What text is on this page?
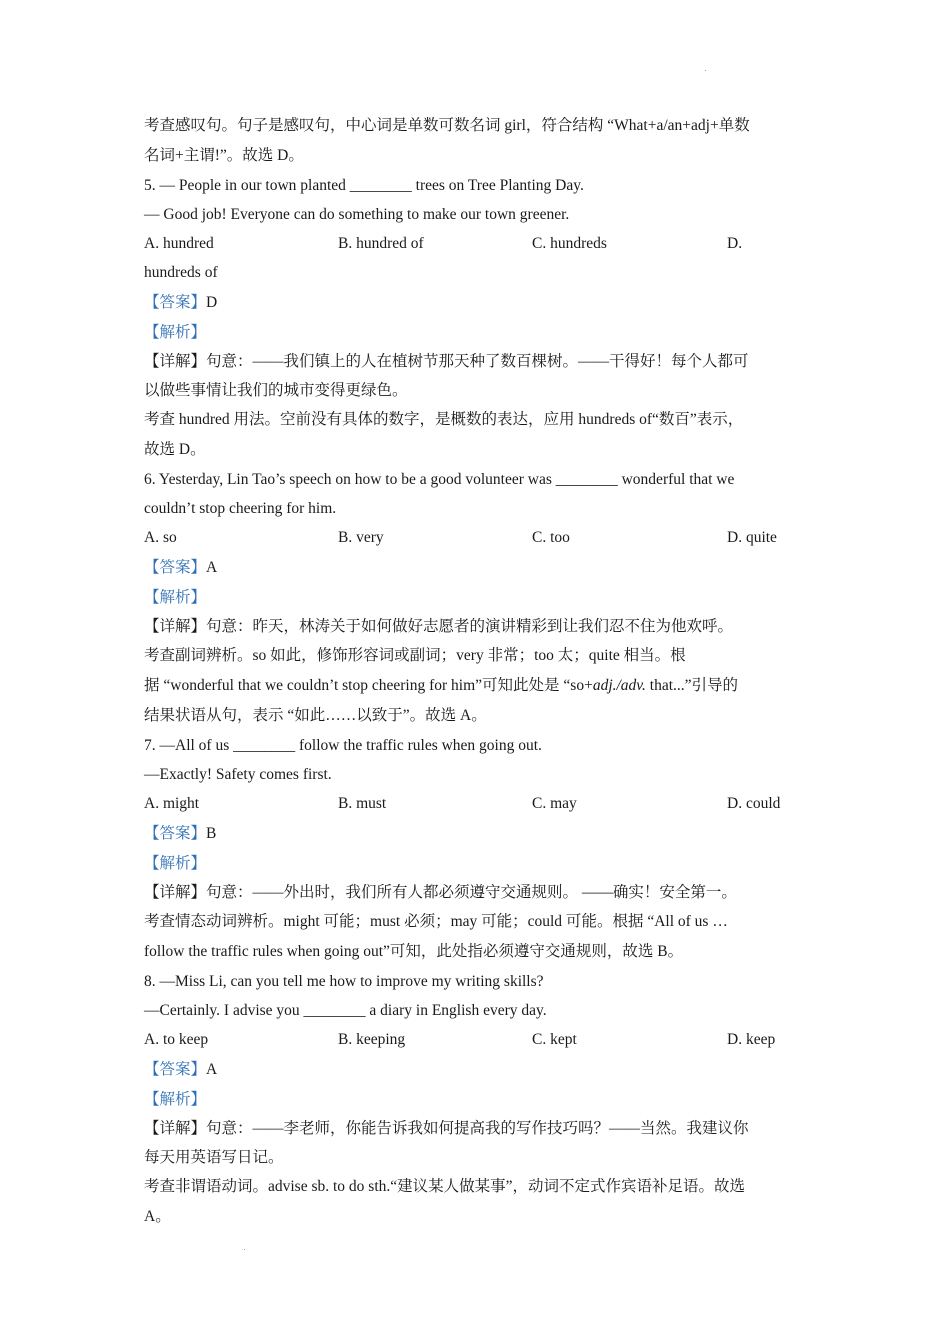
考查感叹句。句子是感叹句，中心词是单数可数名词 girl，符合结构 “What+a/an+adj+单数
名词+主谓!”。故选 D。
5. — People in our town planted ________ trees on Tree Planting Day.
— Good job! Everyone can do something to make our town greener.
A. hundred	B. hundred of	C. hundreds	D.
hundreds of
【答案】D
【解析】
【详解】句意：——我们镇上的人在植树节那天种了数百棵树。——干得好！每个人都可
以做些事情让我们的城市变得更绿色。
考查 hundred 用法。空前没有具体的数字，是概数的表达，应用 hundreds of“数百”表示，
故选 D。
6. Yesterday, Lin Tao’s speech on how to be a good volunteer was ________ wonderful that we
couldn’t stop cheering for him.
A. so	B. very	C. too	D. quite
【答案】A
【解析】
【详解】句意：昨天，林涛关于如何做好志愿者的演讲精彩到让我们忍不住为他欢呼。
考查副词辨析。so 如此，修饰形容词或副词；very 非常；too 太；quite 相当。根
据 “wonderful that we couldn’t stop cheering for him”可知此处是 “so+adj./adv. that...”引导的
结果状语从句，表示 “如此……以致于”。故选 A。
7. —All of us ________ follow the traffic rules when going out.
—Exactly! Safety comes first.
A. might	B. must	C. may	D. could
【答案】B
【解析】
【详解】句意：——外出时，我们所有人都必须遵守交通规则。 ——确实！安全第一。
考查情态动词辨析。might 可能；must 必须；may 可能；could 可能。根据 “All of us …
follow the traffic rules when going out”可知，此处指必须遵守交通规则，故选 B。
8. —Miss Li, can you tell me how to improve my writing skills?
—Certainly. I advise you ________ a diary in English every day.
A. to keep	B. keeping	C. kept	D. keep
【答案】A
【解析】
【详解】句意：——李老师，你能告诉我如何提高我的写作技巧吗？——当然。我建议你
每天用英语写日记。
考查非谓语动词。advise sb. to do sth.“建议某人做某事”，动词不定式作宾语补足语。故选
A。
